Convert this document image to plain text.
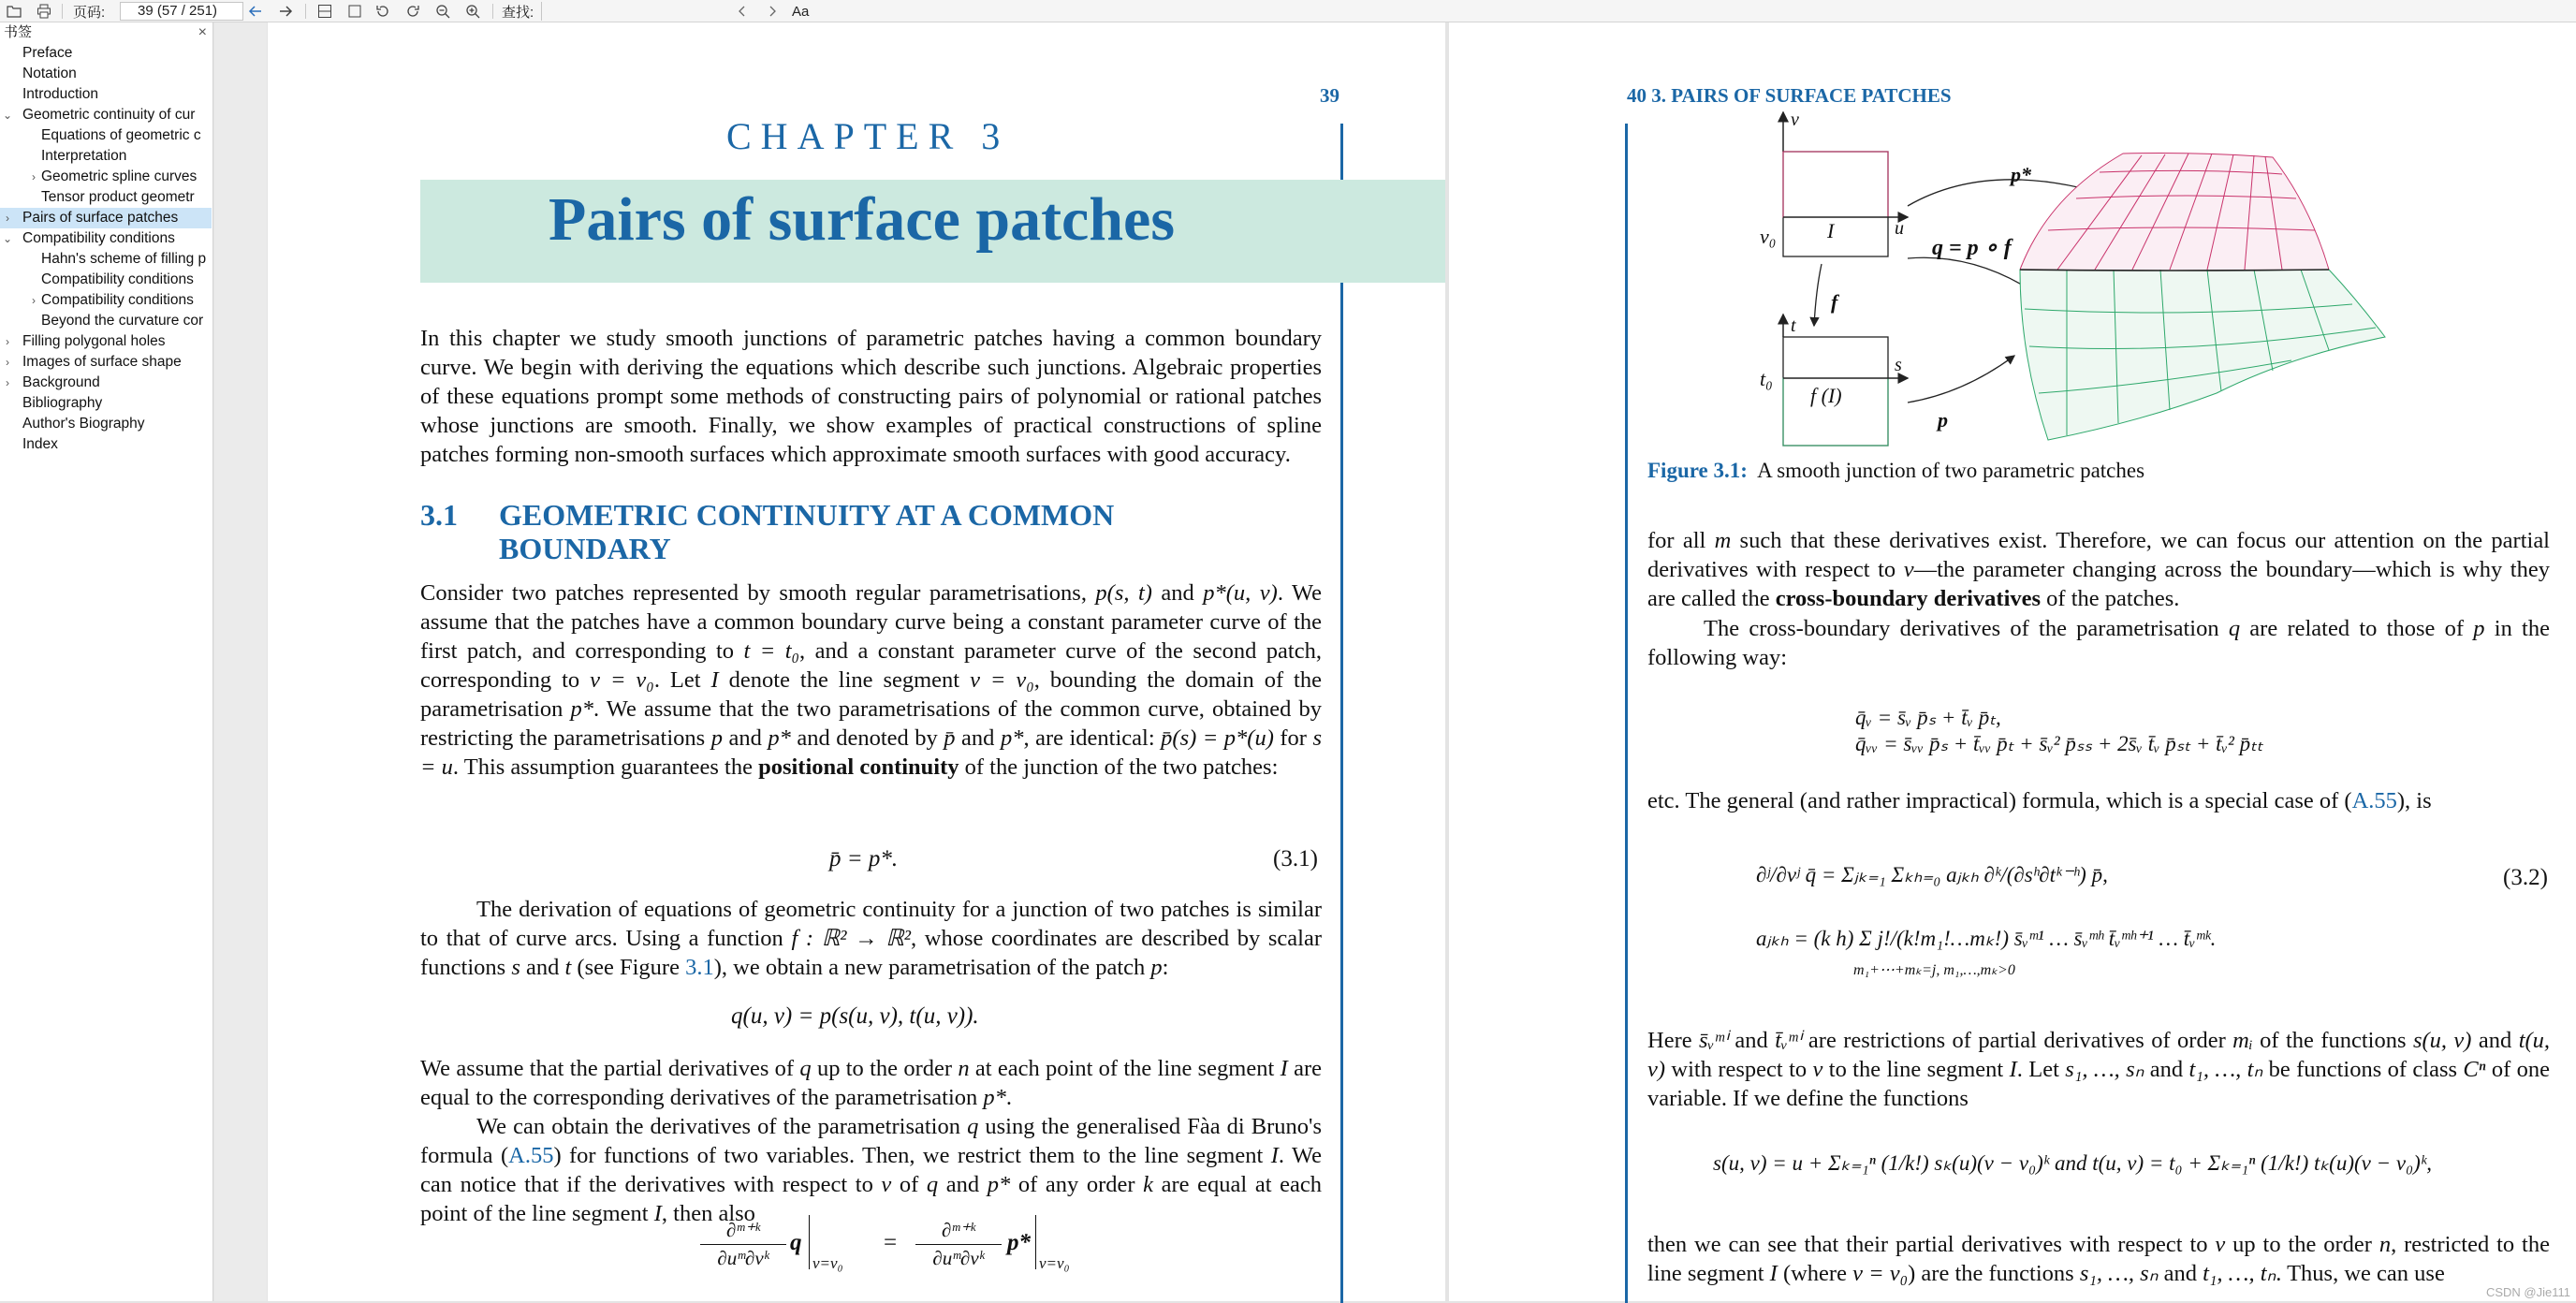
页码:	39 (57 / 251)	查找:	Aa
书签	×
Preface
Notation
Introduction
⌄ Geometric continuity of cur
Equations of geometric c
Interpretation
› Geometric spline curves
Tensor product geometr
› Pairs of surface patches
⌄ Compatibility conditions
Hahn's scheme of filling p
Compatibility conditions
› Compatibility conditions
Beyond the curvature cor
› Filling polygonal holes
› Images of surface shape
› Background
Bibliography
Author's Biography
Index
39
CHAPTER 3
Pairs of surface patches
In this chapter we study smooth junctions of parametric patches having a common boundary curve. We begin with deriving the equations which describe such junctions. Algebraic properties of these equations prompt some methods of constructing pairs of polynomial or rational patches whose junctions are smooth. Finally, we show examples of practical constructions of spline patches forming non-smooth surfaces which approximate smooth surfaces with good accuracy.
3.1 GEOMETRIC CONTINUITY AT A COMMON BOUNDARY
Consider two patches represented by smooth regular parametrisations, p(s, t) and p*(u, v). We assume that the patches have a common boundary curve being a constant parameter curve of the first patch, and corresponding to t = t₀, and a constant parameter curve of the second patch, corresponding to v = v₀. Let I denote the line segment v = v₀, bounding the domain of the parametrisation p*. We assume that the two parametrisations of the common curve, obtained by restricting the parametrisations p and p* and denoted by p̄ and p*, are identical: p̄(s) = p*(u) for s = u. This assumption guarantees the positional continuity of the junction of the two patches:
p̄ = p*.	(3.1)
The derivation of equations of geometric continuity for a junction of two patches is similar to that of curve arcs. Using a function f : ℝ² → ℝ², whose coordinates are described by scalar functions s and t (see Figure 3.1), we obtain a new parametrisation of the patch p:
q(u, v) = p(s(u, v), t(u, v)).
We assume that the partial derivatives of q up to the order n at each point of the line segment I are equal to the corresponding derivatives of the parametrisation p*.
We can obtain the derivatives of the parametrisation q using the generalised Fàa di Bruno's formula (A.55) for functions of two variables. Then, we restrict them to the line segment I. We can notice that if the derivatives with respect to v of q and p* of any order k are equal at each point of the line segment I, then also
∂ᵐ⁺ᵏ
∂uᵐ∂vᵏ
q
v=v₀
=	∂ᵐ⁺ᵏ
∂uᵐ∂vᵏ
p*
v=v₀
40 3. PAIRS OF SURFACE PATCHES
v
v₀ I	u
p*
q = p ∘ f
f
t
t₀
f (I)
s
p
Figure 3.1: A smooth junction of two parametric patches
for all m such that these derivatives exist. Therefore, we can focus our attention on the partial derivatives with respect to v—the parameter changing across the boundary—which is why they are called the cross-boundary derivatives of the patches.
The cross-boundary derivatives of the parametrisation q are related to those of p in the following way:
q̄ᵥ = s̄ᵥ p̄ₛ + t̄ᵥ p̄ₜ,
q̄ᵥᵥ = s̄ᵥᵥ p̄ₛ + t̄ᵥᵥ p̄ₜ + s̄ᵥ² p̄ₛₛ + 2s̄ᵥ t̄ᵥ p̄ₛₜ + t̄ᵥ² p̄ₜₜ
etc. The general (and rather impractical) formula, which is a special case of (A.55), is
∂ʲ/∂vʲ q̄ = Σⱼₖ₌₁ Σₖₕ₌₀ aⱼₖₕ ∂ᵏ/(∂sʰ∂tᵏ⁻ʰ) p̄,
aⱼₖₕ = (k h) Σ j!/(k!m₁!…mₖ!) s̄ᵥᵐ¹ … s̄ᵥᵐʰ t̄ᵥᵐʰ⁺¹ … t̄ᵥᵐᵏ.
m₁+⋯+mₖ=j, m₁,…,mₖ>0
(3.2)
Here s̄ᵥᵐⁱ and t̄ᵥᵐⁱ are restrictions of partial derivatives of order mᵢ of the functions s(u, v) and t(u, v) with respect to v to the line segment I. Let s₁, …, sₙ and t₁, …, tₙ be functions of class Cⁿ of one variable. If we define the functions
s(u, v) = u + Σₖ₌₁ⁿ (1/k!) sₖ(u)(v − v₀)ᵏ and t(u, v) = t₀ + Σₖ₌₁ⁿ (1/k!) tₖ(u)(v − v₀)ᵏ,
then we can see that their partial derivatives with respect to v up to the order n, restricted to the line segment I (where v = v₀) are the functions s₁, …, sₙ and t₁, …, tₙ. Thus, we can use
CSDN @Jie111
